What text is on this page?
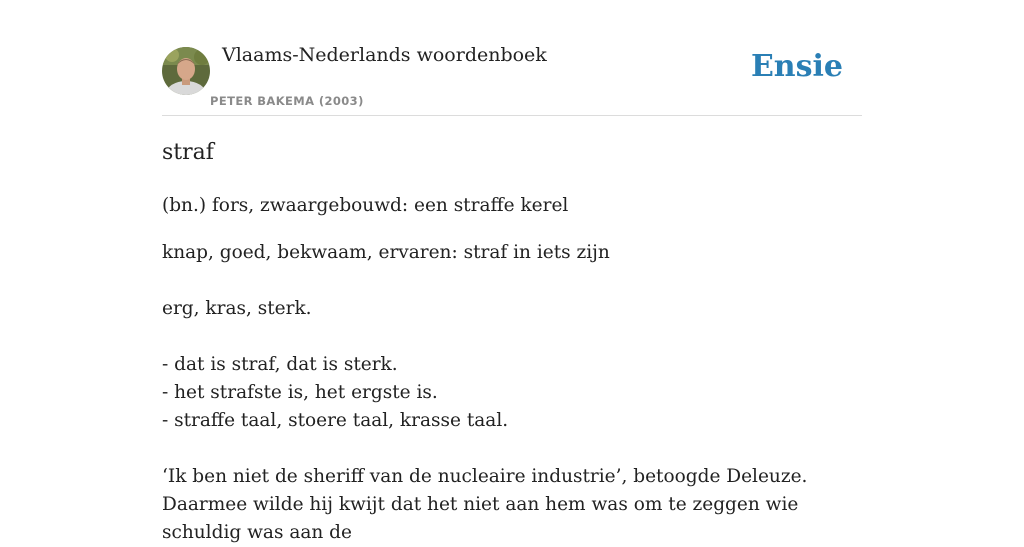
Vlaams-Nederlands woordenboek
PETER BAKEMA (2003)
Ensie
straf

(bn.) fors, zwaargebouwd: een straffe kerel

knap, goed, bekwaam, ervaren: straf in iets zijn

erg, kras, sterk.

- dat is straf, dat is sterk.

- het strafste is, het ergste is.

- straffe taal, stoere taal, krasse taal.

‘Ik ben niet de sheriff van de nucleaire industrie’, betoogde Deleuze. Daarmee wilde hij kwijt dat het niet aan hem was om te zeggen wie schuldig was aan de
